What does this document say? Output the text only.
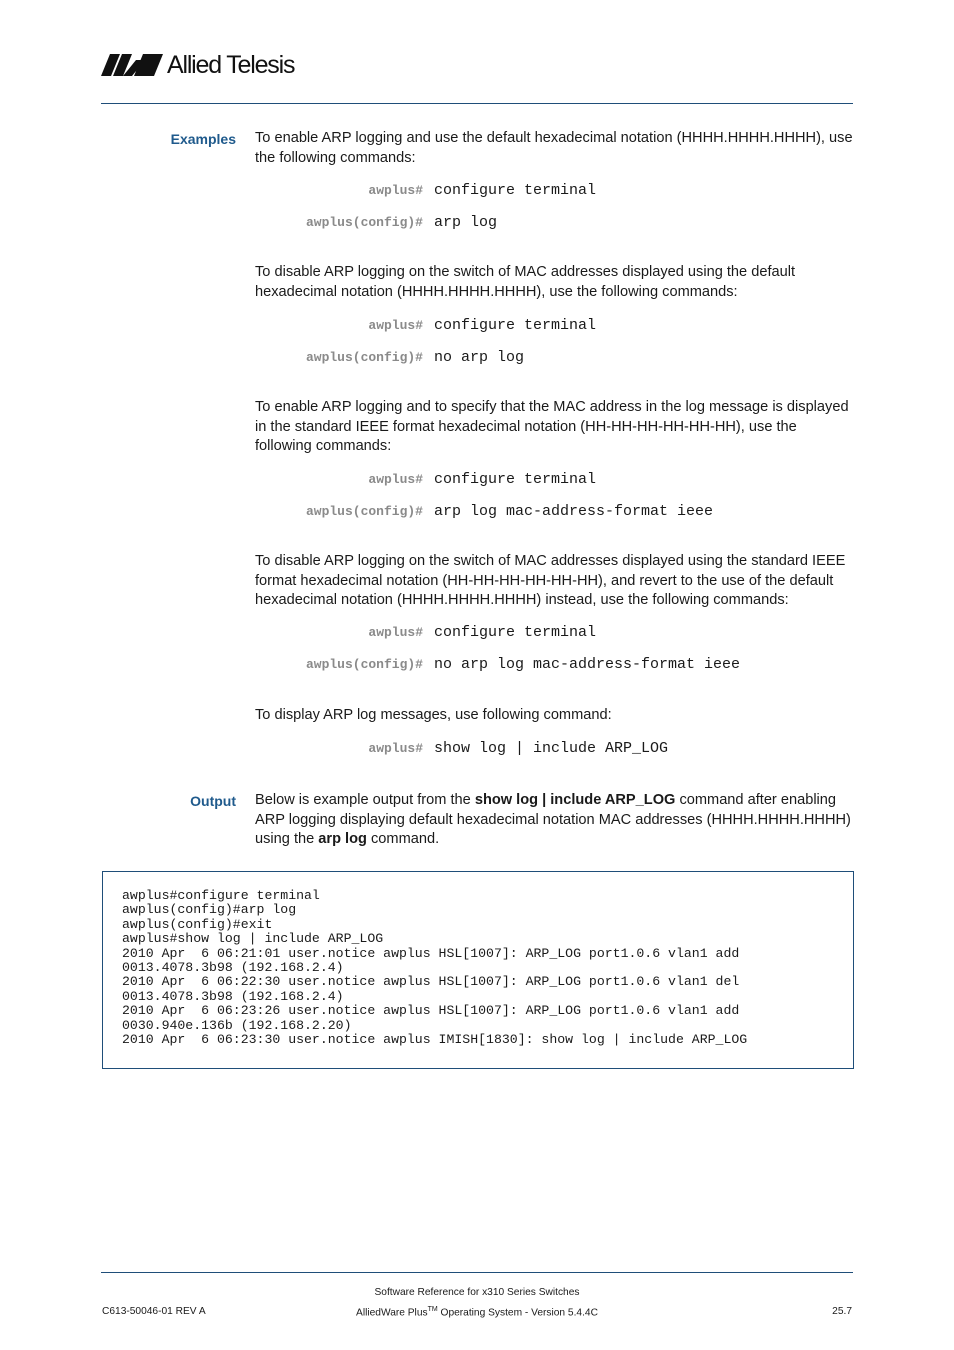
Allied Telesis
Examples To enable ARP logging and use the default hexadecimal notation (HHHH.HHHH.HHHH), use the following commands:
awplus# configure terminal
awplus(config)# arp log
To disable ARP logging on the switch of MAC addresses displayed using the default hexadecimal notation (HHHH.HHHH.HHHH), use the following commands:
awplus# configure terminal
awplus(config)# no arp log
To enable ARP logging and to specify that the MAC address in the log message is displayed in the standard IEEE format hexadecimal notation (HH-HH-HH-HH-HH-HH), use the following commands:
awplus# configure terminal
awplus(config)# arp log mac-address-format ieee
To disable ARP logging on the switch of MAC addresses displayed using the standard IEEE format hexadecimal notation (HH-HH-HH-HH-HH-HH), and revert to the use of the default hexadecimal notation (HHHH.HHHH.HHHH) instead, use the following commands:
awplus# configure terminal
awplus(config)# no arp log mac-address-format ieee
To display ARP log messages, use following command:
awplus# show log | include ARP_LOG
Output Below is example output from the show log | include ARP_LOG command after enabling ARP logging displaying default hexadecimal notation MAC addresses (HHHH.HHHH.HHHH) using the arp log command.
awplus#configure terminal
awplus(config)#arp log
awplus(config)#exit
awplus#show log | include ARP_LOG
2010 Apr  6 06:21:01 user.notice awplus HSL[1007]: ARP_LOG port1.0.6 vlan1 add
0013.4078.3b98 (192.168.2.4)
2010 Apr  6 06:22:30 user.notice awplus HSL[1007]: ARP_LOG port1.0.6 vlan1 del
0013.4078.3b98 (192.168.2.4)
2010 Apr  6 06:23:26 user.notice awplus HSL[1007]: ARP_LOG port1.0.6 vlan1 add
0030.940e.136b (192.168.2.20)
2010 Apr  6 06:23:30 user.notice awplus IMISH[1830]: show log | include ARP_LOG
Software Reference for x310 Series Switches
C613-50046-01 REV A	AlliedWare Plus™ Operating System - Version 5.4.4C	25.7
